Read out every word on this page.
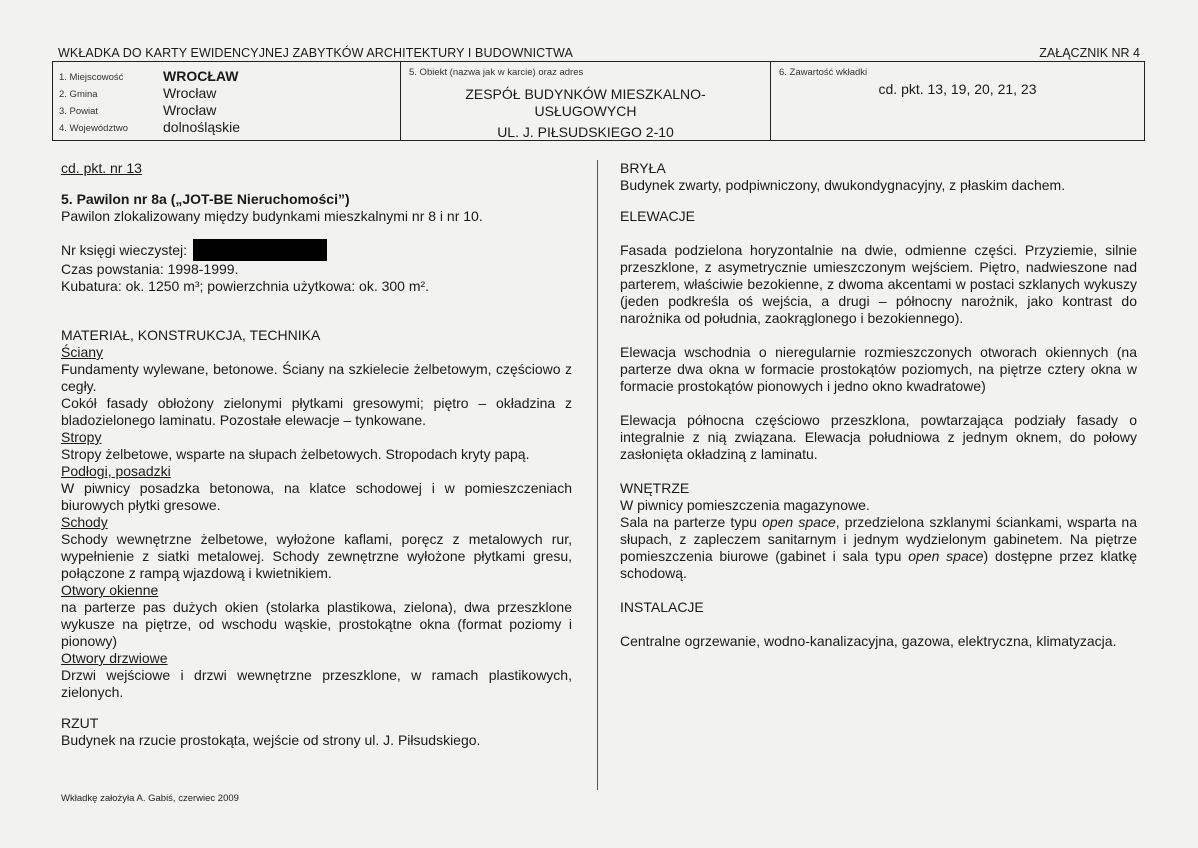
WKŁADKA DO KARTY EWIDENCYJNEJ ZABYTKÓW ARCHITEKTURY I BUDOWNICTWA	ZAŁĄCZNIK NR 4
1. Miejscowość	WROCŁAW
2. Gmina	Wrocław
3. Powiat	Wrocław
4. Województwo	dolnośląskie
5. Obiekt (nazwa jak w karcie) oraz adres
ZESPÓŁ BUDYNKÓW MIESZKALNO-
USŁUGOWYCH
UL. J. PIŁSUDSKIEGO 2-10
6. Zawartość wkładki
cd. pkt. 13, 19, 20, 21, 23

cd. pkt. nr 13

5. Pawilon nr 8a („JOT-BE Nieruchomości”)

Pawilon zlokalizowany między budynkami mieszkalnymi nr 8 i nr 10.

Nr księgi wieczystej:

Czas powstania: 1998-1999.

Kubatura: ok. 1250 m³; powierzchnia użytkowa: ok. 300 m².

MATERIAŁ, KONSTRUKCJA, TECHNIKA

Ściany

Fundamenty wylewane, betonowe. Ściany na szkielecie żelbetowym, częściowo z cegły.

Cokół fasady obłożony zielonymi płytkami gresowymi; piętro – okładzina z bladozielonego laminatu. Pozostałe elewacje – tynkowane.

Stropy

Stropy żelbetowe, wsparte na słupach żelbetowych. Stropodach kryty papą.

Podłogi, posadzki

W piwnicy posadzka betonowa, na klatce schodowej i w pomieszczeniach biurowych płytki gresowe.

Schody

Schody wewnętrzne żelbetowe, wyłożone kaflami, poręcz z metalowych rur, wypełnienie z siatki metalowej. Schody zewnętrzne wyłożone płytkami gresu, połączone z rampą wjazdową i kwietnikiem.

Otwory okienne

na parterze pas dużych okien (stolarka plastikowa, zielona), dwa przeszklone wykusze na piętrze, od wschodu wąskie, prostokątne okna (format poziomy i pionowy)

Otwory drzwiowe

Drzwi wejściowe i drzwi wewnętrzne przeszklone, w ramach plastikowych, zielonych.

RZUT

Budynek na rzucie prostokąta, wejście od strony ul. J. Piłsudskiego.

BRYŁA

Budynek zwarty, podpiwniczony, dwukondygnacyjny, z płaskim dachem.

ELEWACJE

Fasada podzielona horyzontalnie na dwie, odmienne części. Przyziemie, silnie przeszklone, z asymetrycznie umieszczonym wejściem. Piętro, nadwieszone nad parterem, właściwie bezokienne, z dwoma akcentami w postaci szklanych wykuszy (jeden podkreśla oś wejścia, a drugi – północny narożnik, jako kontrast do narożnika od południa, zaokrąglonego i bezokiennego).

Elewacja wschodnia o nieregularnie rozmieszczonych otworach okiennych (na parterze dwa okna w formacie prostokątów poziomych, na piętrze cztery okna w formacie prostokątów pionowych i jedno okno kwadratowe)

Elewacja północna częściowo przeszklona, powtarzająca podziały fasady o integralnie z nią związana. Elewacja południowa z jednym oknem, do połowy zasłonięta okładziną z laminatu.

WNĘTRZE

W piwnicy pomieszczenia magazynowe.

Sala na parterze typu open space, przedzielona szklanymi ściankami, wsparta na słupach, z zapleczem sanitarnym i jednym wydzielonym gabinetem. Na piętrze pomieszczenia biurowe (gabinet i sala typu open space) dostępne przez klatkę schodową.

INSTALACJE

Centralne ogrzewanie, wodno-kanalizacyjna, gazowa, elektryczna, klimatyzacja.

Wkładkę założyła A. Gabiś, czerwiec 2009
